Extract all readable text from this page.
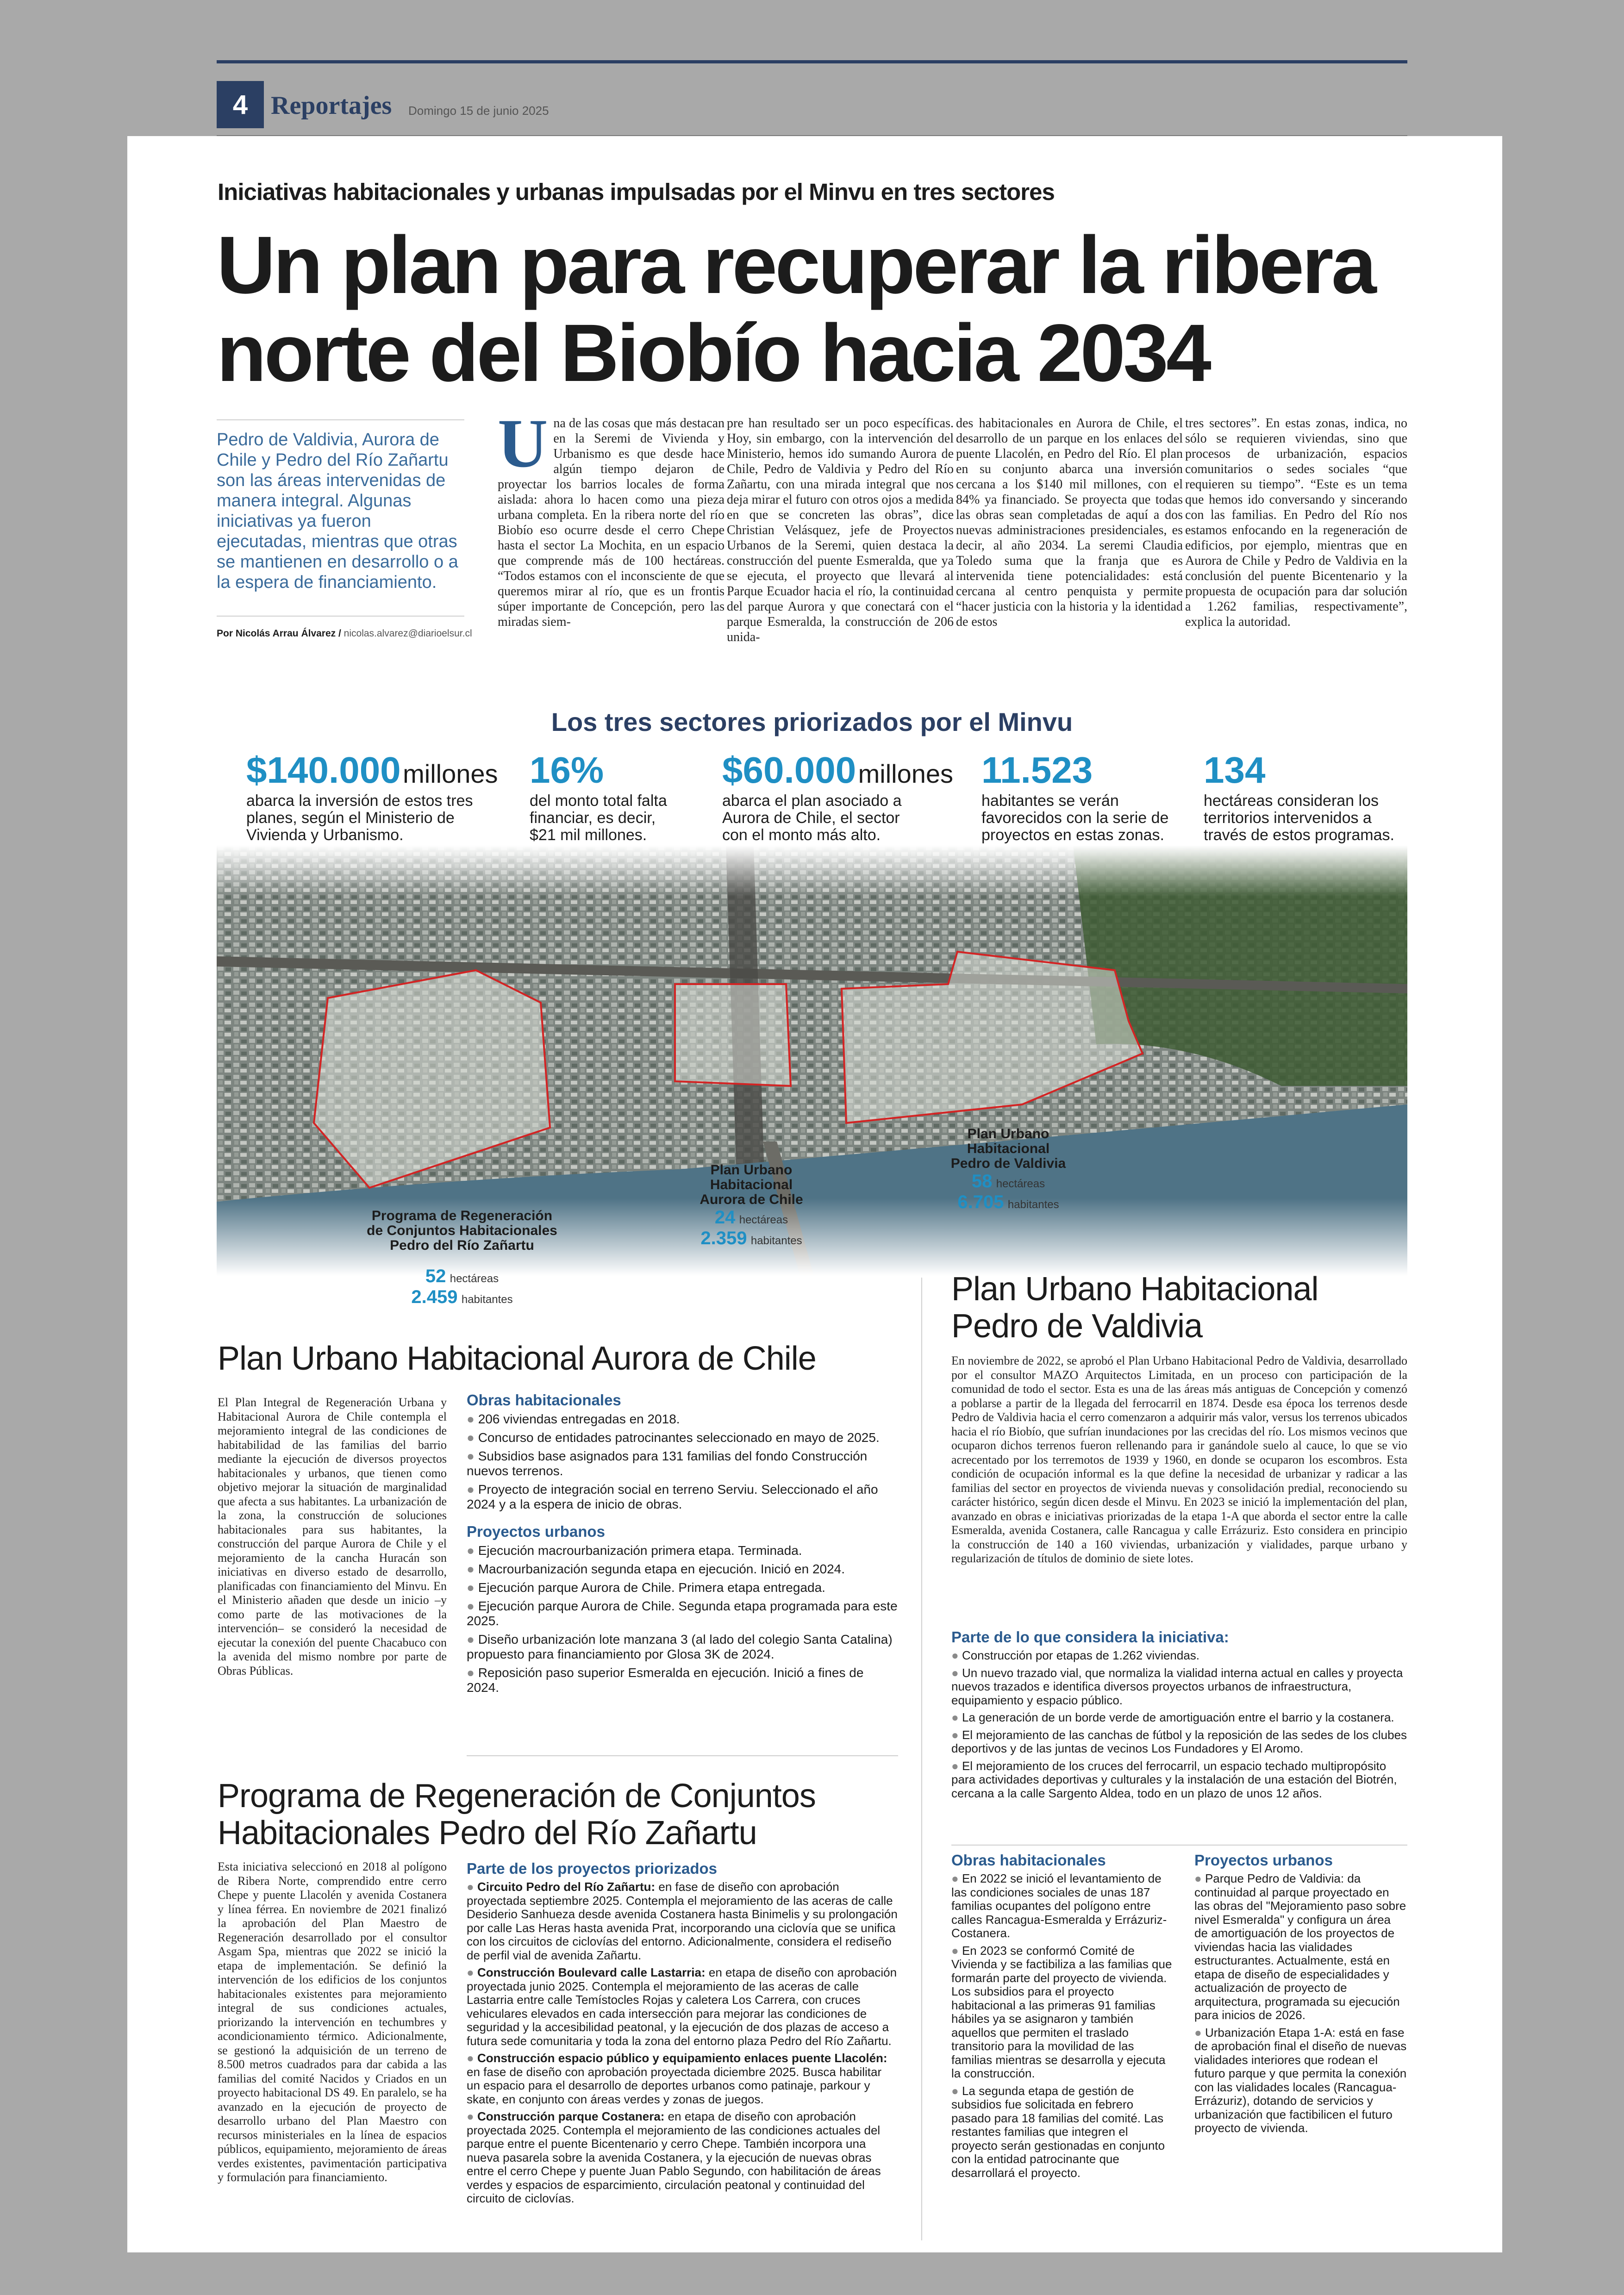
4 Reportajes Domingo 15 de junio 2025
Iniciativas habitacionales y urbanas impulsadas por el Minvu en tres sectores
Un plan para recuperar la ribera
norte del Biobío hacia 2034
Pedro de Valdivia, Aurora de Chile y Pedro del Río Zañartu son las áreas intervenidas de manera integral. Algunas iniciativas ya fueron ejecutadas, mientras que otras se mantienen en desarrollo o a la espera de financiamiento.
Por Nicolás Arrau Álvarez / nicolas.alvarez@diarioelsur.cl
Una de las cosas que más destacan en la Seremi de Vivienda y Urbanismo es que desde hace algún tiempo dejaron de proyectar los barrios locales de forma aislada: ahora lo hacen como una pieza urbana completa. En la ribera norte del río Biobío eso ocurre desde el cerro Chepe hasta el sector La Mochita, en un espacio que comprende más de 100 hectáreas. “Todos estamos con el inconsciente de que queremos mirar al río, que es un frontis súper importante de Concepción, pero las miradas siem-
pre han resultado ser un poco específicas. Hoy, sin embargo, con la intervención del Ministerio, hemos ido sumando Aurora de Chile, Pedro de Valdivia y Pedro del Río Zañartu, con una mirada integral que nos deja mirar el futuro con otros ojos a medida en que se concreten las obras”, dice Christian Velásquez, jefe de Proyectos Urbanos de la Seremi, quien destaca la construcción del puente Esmeralda, que ya se ejecuta, el proyecto que llevará al Parque Ecuador hacia el río, la continuidad del parque Aurora y que conectará con el parque Esmeralda, la construcción de 206 unida-
des habitacionales en Aurora de Chile, el desarrollo de un parque en los enlaces del puente Llacolén, en Pedro del Río. El plan en su conjunto abarca una inversión cercana a los $140 mil millones, con el 84% ya financiado. Se proyecta que todas las obras sean completadas de aquí a dos nuevas administraciones presidenciales, es decir, al año 2034. La seremi Claudia Toledo suma que la franja que es intervenida tiene potencialidades: está cercana al centro penquista y permite “hacer justicia con la historia y la identidad de estos
tres sectores”. En estas zonas, indica, no sólo se requieren viviendas, sino que procesos de urbanización, espacios comunitarios o sedes sociales “que requieren su tiempo”. “Este es un tema que hemos ido conversando y sincerando con las familias. En Pedro del Río nos estamos enfocando en la regeneración de edificios, por ejemplo, mientras que en Aurora de Chile y Pedro de Valdivia en la conclusión del puente Bicentenario y la propuesta de ocupación para dar solución a 1.262 familias, respectivamente”, explica la autoridad.
Los tres sectores priorizados por el Minvu
$140.000 millones
abarca la inversión de estos tres
planes, según el Ministerio de
Vivienda y Urbanismo.
16%
del monto total falta
financiar, es decir,
$21 mil millones.
$60.000 millones
abarca el plan asociado a
Aurora de Chile, el sector
con el monto más alto.
11.523
habitantes se verán
favorecidos con la serie de
proyectos en estas zonas.
134
hectáreas consideran los
territorios intervenidos a
través de estos programas.
Programa de Regeneración
de Conjuntos Habitacionales
Pedro del Río Zañartu
Plan Urbano
Habitacional
Aurora de Chile
24 hectáreas
2.359 habitantes
Plan Urbano
Habitacional
Pedro de Valdivia
58 hectáreas
6.705 habitantes
52 hectáreas
2.459 habitantes
Plan Urbano Habitacional Aurora de Chile
El Plan Integral de Regeneración Urbana y Habitacional Aurora de Chile contempla el mejoramiento integral de las condiciones de habitabilidad de las familias del barrio mediante la ejecución de diversos proyectos habitacionales y urbanos, que tienen como objetivo mejorar la situación de marginalidad que afecta a sus habitantes. La urbanización de la zona, la construcción de soluciones habitacionales para sus habitantes, la construcción del parque Aurora de Chile y el mejoramiento de la cancha Huracán son iniciativas en diverso estado de desarrollo, planificadas con financiamiento del Minvu. En el Ministerio añaden que desde un inicio –y como parte de las motivaciones de la intervención– se consideró la necesidad de ejecutar la conexión del puente Chacabuco con la avenida del mismo nombre por parte de Obras Públicas.
Obras habitacionales

● 206 viviendas entregadas en 2018.

● Concurso de entidades patrocinantes seleccionado en mayo de 2025.

● Subsidios base asignados para 131 familias del fondo Construcción nuevos terrenos.

● Proyecto de integración social en terreno Serviu. Seleccionado el año 2024 y a la espera de inicio de obras.

Proyectos urbanos

● Ejecución macrourbanización primera etapa. Terminada.

● Macrourbanización segunda etapa en ejecución. Inició en 2024.

● Ejecución parque Aurora de Chile. Primera etapa entregada.

● Ejecución parque Aurora de Chile. Segunda etapa programada para este 2025.

● Diseño urbanización lote manzana 3 (al lado del colegio Santa Catalina) propuesto para financiamiento por Glosa 3K de 2024.

● Reposición paso superior Esmeralda en ejecución. Inició a fines de 2024.

Programa de Regeneración de Conjuntos
Habitacionales Pedro del Río Zañartu
Esta iniciativa seleccionó en 2018 al polígono de Ribera Norte, comprendido entre cerro Chepe y puente Llacolén y avenida Costanera y línea férrea. En noviembre de 2021 finalizó la aprobación del Plan Maestro de Regeneración desarrollado por el consultor Asgam Spa, mientras que 2022 se inició la etapa de implementación. Se definió la intervención de los edificios de los conjuntos habitacionales existentes para mejoramiento integral de sus condiciones actuales, priorizando la intervención en techumbres y acondicionamiento térmico. Adicionalmente, se gestionó la adquisición de un terreno de 8.500 metros cuadrados para dar cabida a las familias del comité Nacidos y Criados en un proyecto habitacional DS 49. En paralelo, se ha avanzado en la ejecución de proyecto de desarrollo urbano del Plan Maestro con recursos ministeriales en la línea de espacios públicos, equipamiento, mejoramiento de áreas verdes existentes, pavimentación participativa y formulación para financiamiento.
Parte de los proyectos priorizados

● Circuito Pedro del Río Zañartu: en fase de diseño con aprobación proyectada septiembre 2025. Contempla el mejoramiento de las aceras de calle Desiderio Sanhueza desde avenida Costanera hasta Binimelis y su prolongación por calle Las Heras hasta avenida Prat, incorporando una ciclovía que se unifica con los circuitos de ciclovías del entorno. Adicionalmente, considera el rediseño de perfil vial de avenida Zañartu.

● Construcción Boulevard calle Lastarria: en etapa de diseño con aprobación proyectada junio 2025. Contempla el mejoramiento de las aceras de calle Lastarria entre calle Temístocles Rojas y caletera Los Carrera, con cruces vehiculares elevados en cada intersección para mejorar las condiciones de seguridad y la accesibilidad peatonal, y la ejecución de dos plazas de acceso a futura sede comunitaria y toda la zona del entorno plaza Pedro del Río Zañartu.

● Construcción espacio público y equipamiento enlaces puente Llacolén: en fase de diseño con aprobación proyectada diciembre 2025. Busca habilitar un espacio para el desarrollo de deportes urbanos como patinaje, parkour y skate, en conjunto con áreas verdes y zonas de juegos.

● Construcción parque Costanera: en etapa de diseño con aprobación proyectada 2025. Contempla el mejoramiento de las condiciones actuales del parque entre el puente Bicentenario y cerro Chepe. También incorpora una nueva pasarela sobre la avenida Costanera, y la ejecución de nuevas obras entre el cerro Chepe y puente Juan Pablo Segundo, con habilitación de áreas verdes y espacios de esparcimiento, circulación peatonal y continuidad del circuito de ciclovías.

Plan Urbano Habitacional
Pedro de Valdivia
En noviembre de 2022, se aprobó el Plan Urbano Habitacional Pedro de Valdivia, desarrollado por el consultor MAZO Arquitectos Limitada, en un proceso con participación de la comunidad de todo el sector. Esta es una de las áreas más antiguas de Concepción y comenzó a poblarse a partir de la llegada del ferrocarril en 1874. Desde esa época los terrenos desde Pedro de Valdivia hacia el cerro comenzaron a adquirir más valor, versus los terrenos ubicados hacia el río Biobío, que sufrían inundaciones por las crecidas del río. Los mismos vecinos que ocuparon dichos terrenos fueron rellenando para ir ganándole suelo al cauce, lo que se vio acrecentado por los terremotos de 1939 y 1960, en donde se ocuparon los escombros. Esta condición de ocupación informal es la que define la necesidad de urbanizar y radicar a las familias del sector en proyectos de vivienda nuevas y consolidación predial, reconociendo su carácter histórico, según dicen desde el Minvu. En 2023 se inició la implementación del plan, avanzado en obras e iniciativas priorizadas de la etapa 1-A que aborda el sector entre la calle Esmeralda, avenida Costanera, calle Rancagua y calle Errázuriz. Esto considera en principio la construcción de 140 a 160 viviendas, urbanización y vialidades, parque urbano y regularización de títulos de dominio de siete lotes.
Parte de lo que considera la iniciativa:

● Construcción por etapas de 1.262 viviendas.

● Un nuevo trazado vial, que normaliza la vialidad interna actual en calles y proyecta nuevos trazados e identifica diversos proyectos urbanos de infraestructura, equipamiento y espacio público.

● La generación de un borde verde de amortiguación entre el barrio y la costanera.

● El mejoramiento de las canchas de fútbol y la reposición de las sedes de los clubes deportivos y de las juntas de vecinos Los Fundadores y El Aromo.

● El mejoramiento de los cruces del ferrocarril, un espacio techado multipropósito para actividades deportivas y culturales y la instalación de una estación del Biotrén, cercana a la calle Sargento Aldea, todo en un plazo de unos 12 años.

Obras habitacionales

● En 2022 se inició el levantamiento de las condiciones sociales de unas 187 familias ocupantes del polígono entre calles Rancagua-Esmeralda y Errázuriz-Costanera.

● En 2023 se conformó Comité de Vivienda y se factibiliza a las familias que formarán parte del proyecto de vivienda. Los subsidios para el proyecto habitacional a las primeras 91 familias hábiles ya se asignaron y también aquellos que permiten el traslado transitorio para la movilidad de las familias mientras se desarrolla y ejecuta la construcción.

● La segunda etapa de gestión de subsidios fue solicitada en febrero pasado para 18 familias del comité. Las restantes familias que integren el proyecto serán gestionadas en conjunto con la entidad patrocinante que desarrollará el proyecto.

Proyectos urbanos

● Parque Pedro de Valdivia: da continuidad al parque proyectado en las obras del "Mejoramiento paso sobre nivel Esmeralda" y configura un área de amortiguación de los proyectos de viviendas hacia las vialidades estructurantes. Actualmente, está en etapa de diseño de especialidades y actualización de proyecto de arquitectura, programada su ejecución para inicios de 2026.

● Urbanización Etapa 1-A: está en fase de aprobación final el diseño de nuevas vialidades interiores que rodean el futuro parque y que permita la conexión con las vialidades locales (Rancagua-Errázuriz), dotando de servicios y urbanización que factibilicen el futuro proyecto de vivienda.
